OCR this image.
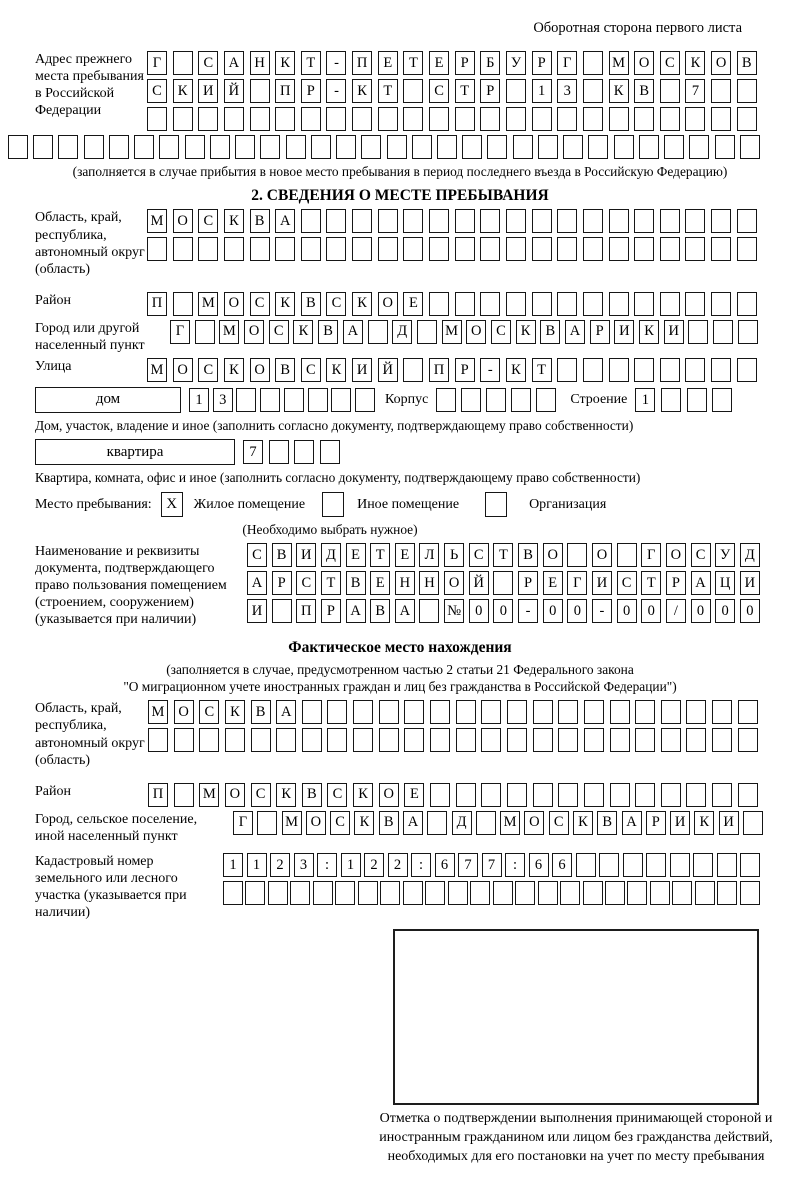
Оборотная сторона первого листа
Адрес прежнего места пребывания в Российской Федерации
Г	С	А	Н	К	Т	-	П	Е	Т	Е	Р	Б	У	Р	Г	М О	С	К	О	В
С	К	И	Й	П	Р	-	К	Т	С	Т	Р	1	3	К	В	7
(заполняется в случае прибытия в новое место пребывания в период последнего въезда в Российскую Федерацию)
2. СВЕДЕНИЯ О МЕСТЕ ПРЕБЫВАНИЯ
Область, край, республика, автономный округ (область)
М О	С	К	В	А
Район	П	М О	С	К	В	С	К	О	Е
Город или другой населенный пункт
Г	М О	С	К	В	А	Д	М О	С	К	В	А	Р	И	К	И
Улица	М О	С	К	О	В	С	К	И	Й	П	Р	-	К	Т
дом	1	3	Корпус	Строение 1
Дом, участок, владение и иное (заполнить согласно документу, подтверждающему право собственности)
квартира	7
Квартира, комната, офис и иное (заполнить согласно документу, подтверждающему право собственности)
Место пребывания: X	Жилое помещение	Иное помещение	Организация
(Необходимо выбрать нужное)
Наименование и реквизиты документа, подтверждающего право пользования помещением (строением, сооружением) (указывается при наличии)
С	В	И Д	Е	Т	Е	Л	Ь	С	Т	В	О	О	Г	О	С	У	Д
А	Р	С	Т	В	Е	Н Н О Й	Р	Е	Г	И	С	Т	Р	А Ц И
И	П	Р	А	В	А	№ 0	0	-	0	0	-	0	0	/	0	0	0
Фактическое место нахождения
(заполняется в случае, предусмотренном частью 2 статьи 21 Федерального закона
"О миграционном учете иностранных граждан и лиц без гражданства в Российской Федерации")
Область, край, республика, автономный округ (область)
М О	С	К	В	А
Район	П	М О	С	К	В	С	К	О	Е
Город, сельское поселение, иной населенный пункт
Г	М О С	К	В А	Д	М О С	К	В А	Р	И К И
Кадастровый номер земельного или лесного участка (указывается при наличии)
1	1	2	3	:	1	2	2	:	6	7	7	:	6	6
Отметка о подтверждении выполнения принимающей стороной и иностранным гражданином или лицом без гражданства действий, необходимых для его постановки на учет по месту пребывания
